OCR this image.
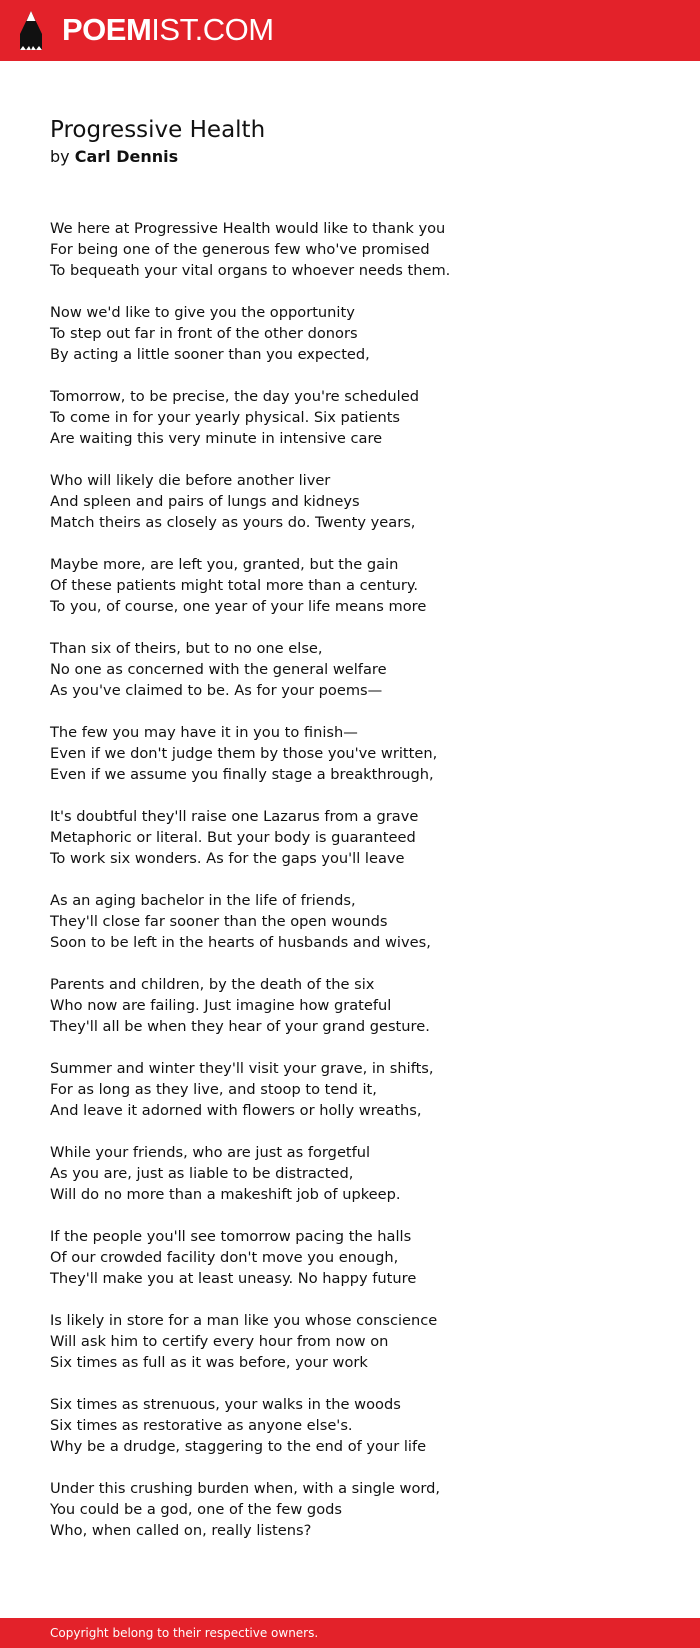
POEMIST.COM
Progressive Health
by Carl Dennis
We here at Progressive Health would like to thank you
For being one of the generous few who've promised
To bequeath your vital organs to whoever needs them.
Now we'd like to give you the opportunity
To step out far in front of the other donors
By acting a little sooner than you expected,
Tomorrow, to be precise, the day you're scheduled
To come in for your yearly physical. Six patients
Are waiting this very minute in intensive care
Who will likely die before another liver
And spleen and pairs of lungs and kidneys
Match theirs as closely as yours do. Twenty years,
Maybe more, are left you, granted, but the gain
Of these patients might total more than a century.
To you, of course, one year of your life means more
Than six of theirs, but to no one else,
No one as concerned with the general welfare
As you've claimed to be. As for your poems—
The few you may have it in you to finish—
Even if we don't judge them by those you've written,
Even if we assume you finally stage a breakthrough,
It's doubtful they'll raise one Lazarus from a grave
Metaphoric or literal. But your body is guaranteed
To work six wonders. As for the gaps you'll leave
As an aging bachelor in the life of friends,
They'll close far sooner than the open wounds
Soon to be left in the hearts of husbands and wives,
Parents and children, by the death of the six
Who now are failing. Just imagine how grateful
They'll all be when they hear of your grand gesture.
Summer and winter they'll visit your grave, in shifts,
For as long as they live, and stoop to tend it,
And leave it adorned with flowers or holly wreaths,
While your friends, who are just as forgetful
As you are, just as liable to be distracted,
Will do no more than a makeshift job of upkeep.
If the people you'll see tomorrow pacing the halls
Of our crowded facility don't move you enough,
They'll make you at least uneasy. No happy future
Is likely in store for a man like you whose conscience
Will ask him to certify every hour from now on
Six times as full as it was before, your work
Six times as strenuous, your walks in the woods
Six times as restorative as anyone else's.
Why be a drudge, staggering to the end of your life
Under this crushing burden when, with a single word,
You could be a god, one of the few gods
Who, when called on, really listens?
Copyright belong to their respective owners.
